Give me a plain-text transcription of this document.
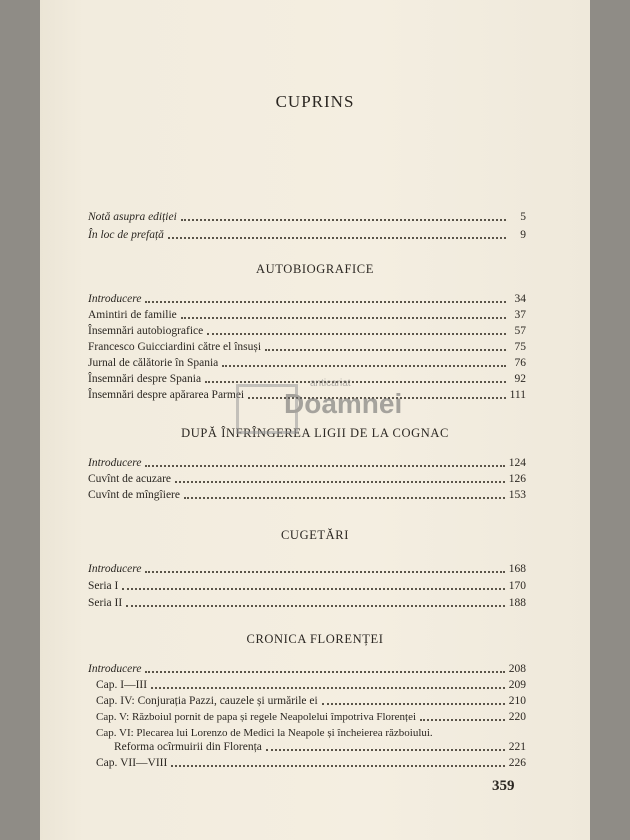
CUPRINS
Notă asupra ediției	5
În loc de prefață	9
AUTOBIOGRAFICE
Introducere	34
Amintiri de familie	37
Însemnări autobiografice	57
Francesco Guicciardini către el însuși	75
Jurnal de călătorie în Spania	76
Însemnări despre Spania	92
Însemnări despre apărarea Parmei	111
DUPĂ ÎNFRÎNGEREA LIGII DE LA COGNAC
Introducere	124
Cuvînt de acuzare	126
Cuvînt de mîngîiere	153
CUGETĂRI
Introducere	168
Seria I	170
Seria II	188
CRONICA FLORENȚEI
Introducere	208
Cap. I—III	209
Cap. IV: Conjurația Pazzi, cauzele și urmările ei	210
Cap. V: Războiul pornit de papa și regele Neapolelui împotriva Florenței	220
Cap. VI: Plecarea lui Lorenzo de Medici la Neapole și încheierea războiului.
Reforma ocîrmuirii din Florența	221
Cap. VII—VIII	226
359
anticariat
Doamnei
